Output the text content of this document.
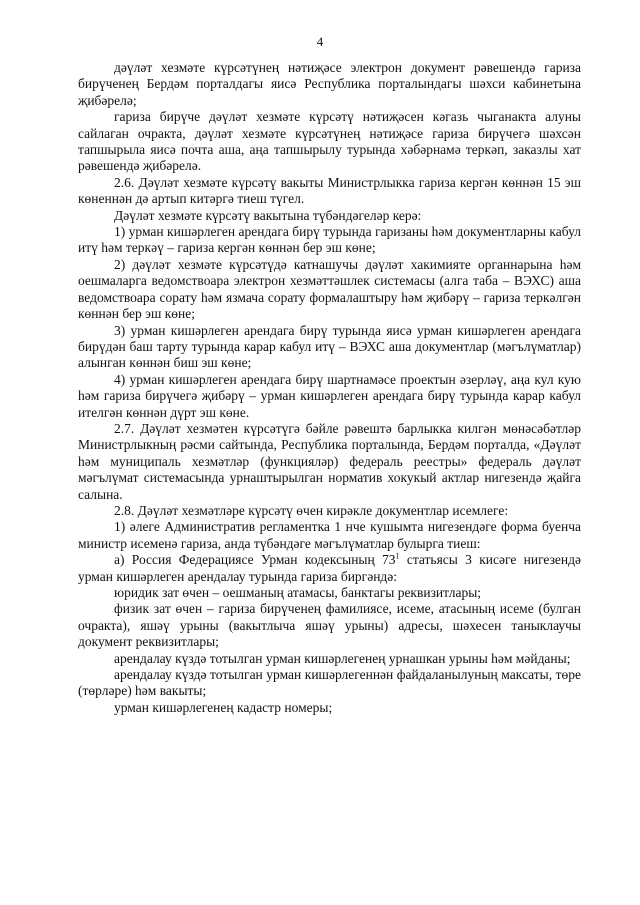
4

дәүләт хезмәте күрсәтүнең нәтиҗәсе электрон документ рәвешендә гариза бирүченең Бердәм порталдагы яисә Республика порталындагы шәхси кабинетына җибәрелә;

гариза бирүче дәүләт хезмәте күрсәтү нәтиҗәсен кәгазь чыганакта алуны сайлаган очракта, дәүләт хезмәте күрсәтүнең нәтиҗәсе гариза бирүчегә шәхсән тапшырыла яисә почта аша, аңа тапшырылу турында хәбәрнамә теркәп, заказлы хат рәвешендә җибәрелә.

2.6. Дәүләт хезмәте күрсәтү вакыты Министрлыкка гариза кергән көннән 15 эш көненнән дә артып китәргә тиеш түгел.

Дәүләт хезмәте күрсәтү вакытына түбәндәгеләр керә:

1) урман кишәрлеген арендага бирү турында гаризаны һәм документларны кабул итү һәм теркәү – гариза кергән көннән бер эш көне;

2) дәүләт хезмәте күрсәтүдә катнашучы дәүләт хакимияте органнарына һәм оешмаларга ведомствоара электрон хезмәттәшлек системасы (алга таба – ВЭХС) аша ведомствоара сорату һәм язмача сорату формалаштыру һәм җибәрү – гариза теркәлгән көннән бер эш көне;

3) урман кишәрлеген арендага бирү турында яисә урман кишәрлеген арендага бирүдән баш тарту турында карар кабул итү – ВЭХС аша документлар (мәгълүматлар) алынган көннән биш эш көне;

4) урман кишәрлеген арендага бирү шартнамәсе проектын әзерләү, аңа кул кую һәм гариза бирүчегә җибәрү – урман кишәрлеген арендага бирү турында карар кабул ителгән көннән дүрт эш көне.

2.7. Дәүләт хезмәтен күрсәтүгә бәйле рәвештә барлыкка килгән мөнәсәбәтләр Министрлыкның рәсми сайтында, Республика порталында, Бердәм порталда, «Дәүләт һәм муниципаль хезмәтләр (функцияләр) федераль реестры» федераль дәүләт мәгълүмат системасында урнаштырылган норматив хокукый актлар нигезендә җайга салына.

2.8. Дәүләт хезмәтләре күрсәтү өчен кирәкле документлар исемлеге:

1) әлеге Административ регламентка 1 нче кушымта нигезендәге форма буенча министр исеменә гариза, анда түбәндәге мәгълүматлар булырга тиеш:

а) Россия Федерациясе Урман кодексының $73^1$ статьясы 3 кисәге нигезендә урман кишәрлеген арендалау турында гариза биргәндә:

юридик зат өчен – оешманың атамасы, банктагы реквизитлары;

физик зат өчен – гариза бирүченең фамилиясе, исеме, атасының исеме (булган очракта), яшәү урыны (вакытлыча яшәү урыны) адресы, шәхесен таныклаучы документ реквизитлары;

арендалау күздә тотылган урман кишәрлегенең урнашкан урыны һәм мәйданы;

арендалау күздә тотылган урман кишәрлегеннән файдаланылуның максаты, төре (төрләре) һәм вакыты;

урман кишәрлегенең кадастр номеры;
